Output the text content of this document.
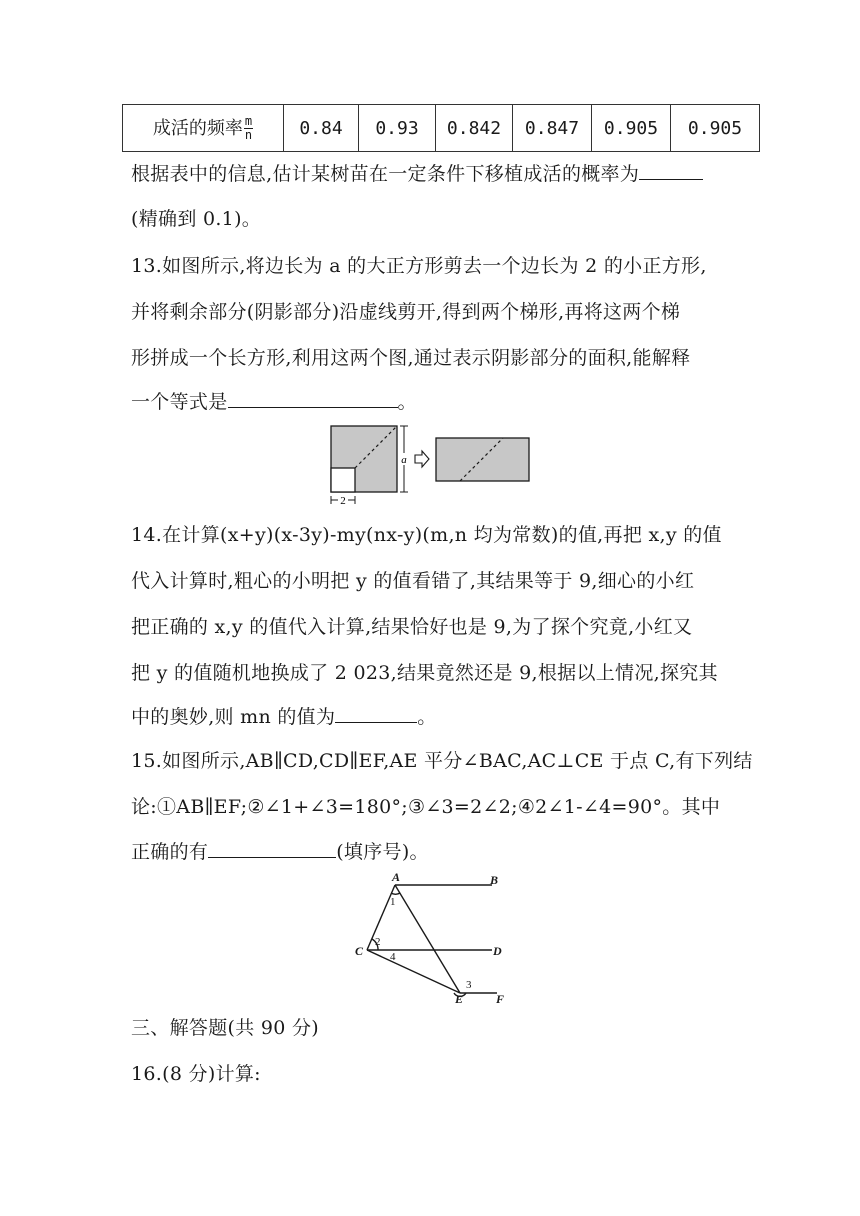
成活的频率 $\frac{m}{n}$	0.84	0.93	0.842	0.847	0.905	0.905
根据表中的信息,估计某树苗在一定条件下移植成活的概率为
(精确到 0.1)。
13.如图所示,将边长为 a 的大正方形剪去一个边长为 2 的小正方形,
并将剩余部分(阴影部分)沿虚线剪开,得到两个梯形,再将这两个梯
形拼成一个长方形,利用这两个图,通过表示阴影部分的面积,能解释
一个等式是	。
a
2
14.在计算(x+y)(x-3y)-my(nx-y)(m,n 均为常数)的值,再把 x,y 的值
代入计算时,粗心的小明把 y 的值看错了,其结果等于 9,细心的小红
把正确的 x,y 的值代入计算,结果恰好也是 9,为了探个究竟,小红又
把 y 的值随机地换成了 2 023,结果竟然还是 9,根据以上情况,探究其
中的奥妙,则 mn 的值为	。
15.如图所示,AB∥CD,CD∥EF,AE 平分∠BAC,AC⊥CE 于点 C,有下列结
论:①AB∥EF;②∠1+∠3=180°;③∠3=2∠2;④2∠1-∠4=90°。其中
正确的有	(填序号)。
A	B
C	D
E	F
1
2
3
4
三、解答题(共 90 分)
16.(8 分)计算:
